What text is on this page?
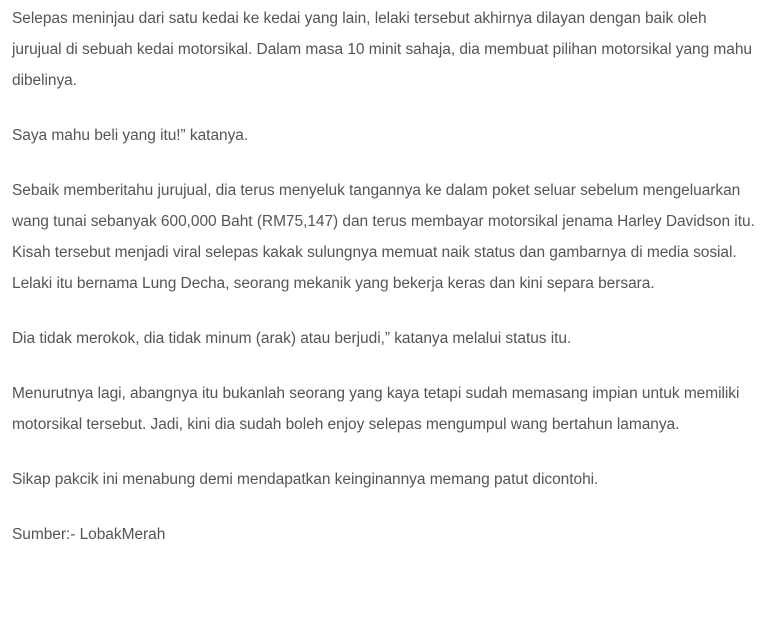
Selepas meninjau dari satu kedai ke kedai yang lain, lelaki tersebut akhirnya dilayan dengan baik oleh jurujual di sebuah kedai motorsikal. Dalam masa 10 minit sahaja, dia membuat pilihan motorsikal yang mahu dibelinya.

Saya mahu beli yang itu!” katanya.

Sebaik memberitahu jurujual, dia terus menyeluk tangannya ke dalam poket seluar sebelum mengeluarkan wang tunai sebanyak 600,000 Baht (RM75,147) dan terus membayar motorsikal jenama Harley Davidson itu.

Kisah tersebut menjadi viral selepas kakak sulungnya memuat naik status dan gambarnya di media sosial. Lelaki itu bernama Lung Decha, seorang mekanik yang bekerja keras dan kini separa bersara.

Dia tidak merokok, dia tidak minum (arak) atau berjudi,” katanya melalui status itu.

Menurutnya lagi, abangnya itu bukanlah seorang yang kaya tetapi sudah memasang impian untuk memiliki motorsikal tersebut. Jadi, kini dia sudah boleh enjoy selepas mengumpul wang bertahun lamanya.

Sikap pakcik ini menabung demi mendapatkan keinginannya memang patut dicontohi.

Sumber:- LobakMerah
